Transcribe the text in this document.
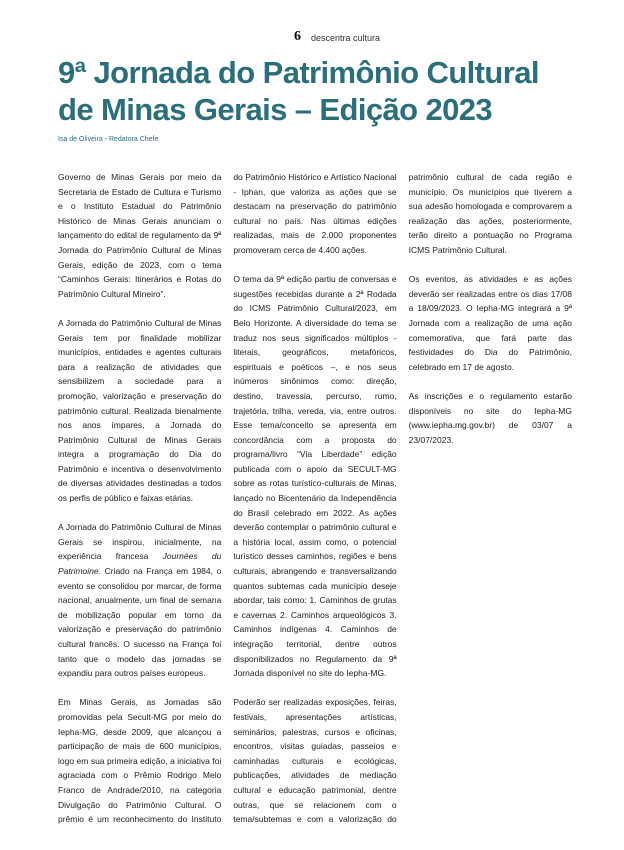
6 descentra cultura
9ª Jornada do Patrimônio Cultural
de Minas Gerais – Edição 2023
Isa de Oliveira - Redatora Chefe

Governo de Minas Gerais por meio da Secretaria de Estado de Cultura e Turismo e o Instituto Estadual do Patrimônio Histórico de Minas Gerais anunciam o lançamento do edital de regulamento da 9ª Jornada do Patrimônio Cultural de Minas Gerais, edição de 2023, com o tema “Caminhos Gerais: Itinerários e Rotas do Patrimônio Cultural Mineiro”.

A Jornada do Patrimônio Cultural de Minas Gerais tem por finalidade mobilizar municípios, entidades e agentes culturais para a realização de atividades que sensibilizem a sociedade para a promoção, valorização e preservação do patrimônio cultural. Realizada bienalmente nos anos ímpares, a Jornada do Patrimônio Cultural de Minas Gerais integra a programação do Dia do Patrimônio e incentiva o desenvolvimento de diversas atividades destinadas a todos os perfis de público e faixas etárias.

A Jornada do Patrimônio Cultural de Minas Gerais se inspirou, inicialmente, na experiência francesa Journées du Patrimoine. Criado na França em 1984, o evento se consolidou por marcar, de forma nacional, anualmente, um final de semana de mobilização popular em torno da valorização e preservação do patrimônio cultural francês. O sucesso na França foi tanto que o modelo das jornadas se expandiu para outros países europeus.

Em Minas Gerais, as Jornadas são promovidas pela Secult-MG por meio do Iepha-MG, desde 2009, que alcançou a participação de mais de 600 municípios, logo em sua primeira edição, a iniciativa foi agraciada com o Prêmio Rodrigo Melo Franco de Andrade/2010, na categoria Divulgação do Patrimônio Cultural. O prêmio é um reconhecimento do Instituto do Patrimônio Histórico e Artístico Nacional - Iphan, que valoriza as ações que se destacam na preservação do patrimônio cultural no país. Nas últimas edições realizadas, mais de 2.000 proponentes promoveram cerca de 4.400 ações.

O tema da 9ª edição partiu de conversas e sugestões recebidas durante a 2ª Rodada do ICMS Patrimônio Cultural/2023, em Belo Horizonte. A diversidade do tema se traduz nos seus significados múltiplos - literais, geográficos, metafóricos, espirituais e poéticos –, e nos seus inúmeros sinônimos como: direção, destino, travessia, percurso, rumo, trajetória, trilha, vereda, via, entre outros. Esse tema/conceito se apresenta em concordância com a proposta do programa/livro “Via Liberdade” edição publicada com o apoio da SECULT-MG sobre as rotas turístico-culturais de Minas, lançado no Bicentenário da Independência do Brasil celebrado em 2022. As ações deverão contemplar o patrimônio cultural e a história local, assim como, o potencial turístico desses caminhos, regiões e bens culturais, abrangendo e transversalizando quantos subtemas cada município deseje abordar, tais como: 1. Caminhos de grutas e cavernas 2. Caminhos arqueológicos 3. Caminhos indígenas 4. Caminhos de integração territorial, dentre outros disponibilizados no Regulamento da 9ª Jornada disponível no site do Iepha-MG.

Poderão ser realizadas exposições, feiras, festivais, apresentações artísticas, seminários, palestras, cursos e oficinas, encontros, visitas guiadas, passeios e caminhadas culturais e ecológicas, publicações, atividades de mediação cultural e educação patrimonial, dentre outras, que se relacionem com o tema/subtemas e com a valorização do patrimônio cultural de cada região e município. Os municípios que tiverem a sua adesão homologada e comprovarem a realização das ações, posteriormente, terão direito a pontuação no Programa ICMS Patrimônio Cultural.

Os eventos, as atividades e as ações deverão ser realizadas entre os dias 17/08 a 18/09/2023. O Iepha-MG integrará a 9ª Jornada com a realização de uma ação comemorativa, que fará parte das festividades do Dia do Patrimônio, celebrado em 17 de agosto.

As inscrições e o regulamento estarão disponíveis no site do Iepha-MG (www.iepha.mg.gov.br) de 03/07 a 23/07/2023.
